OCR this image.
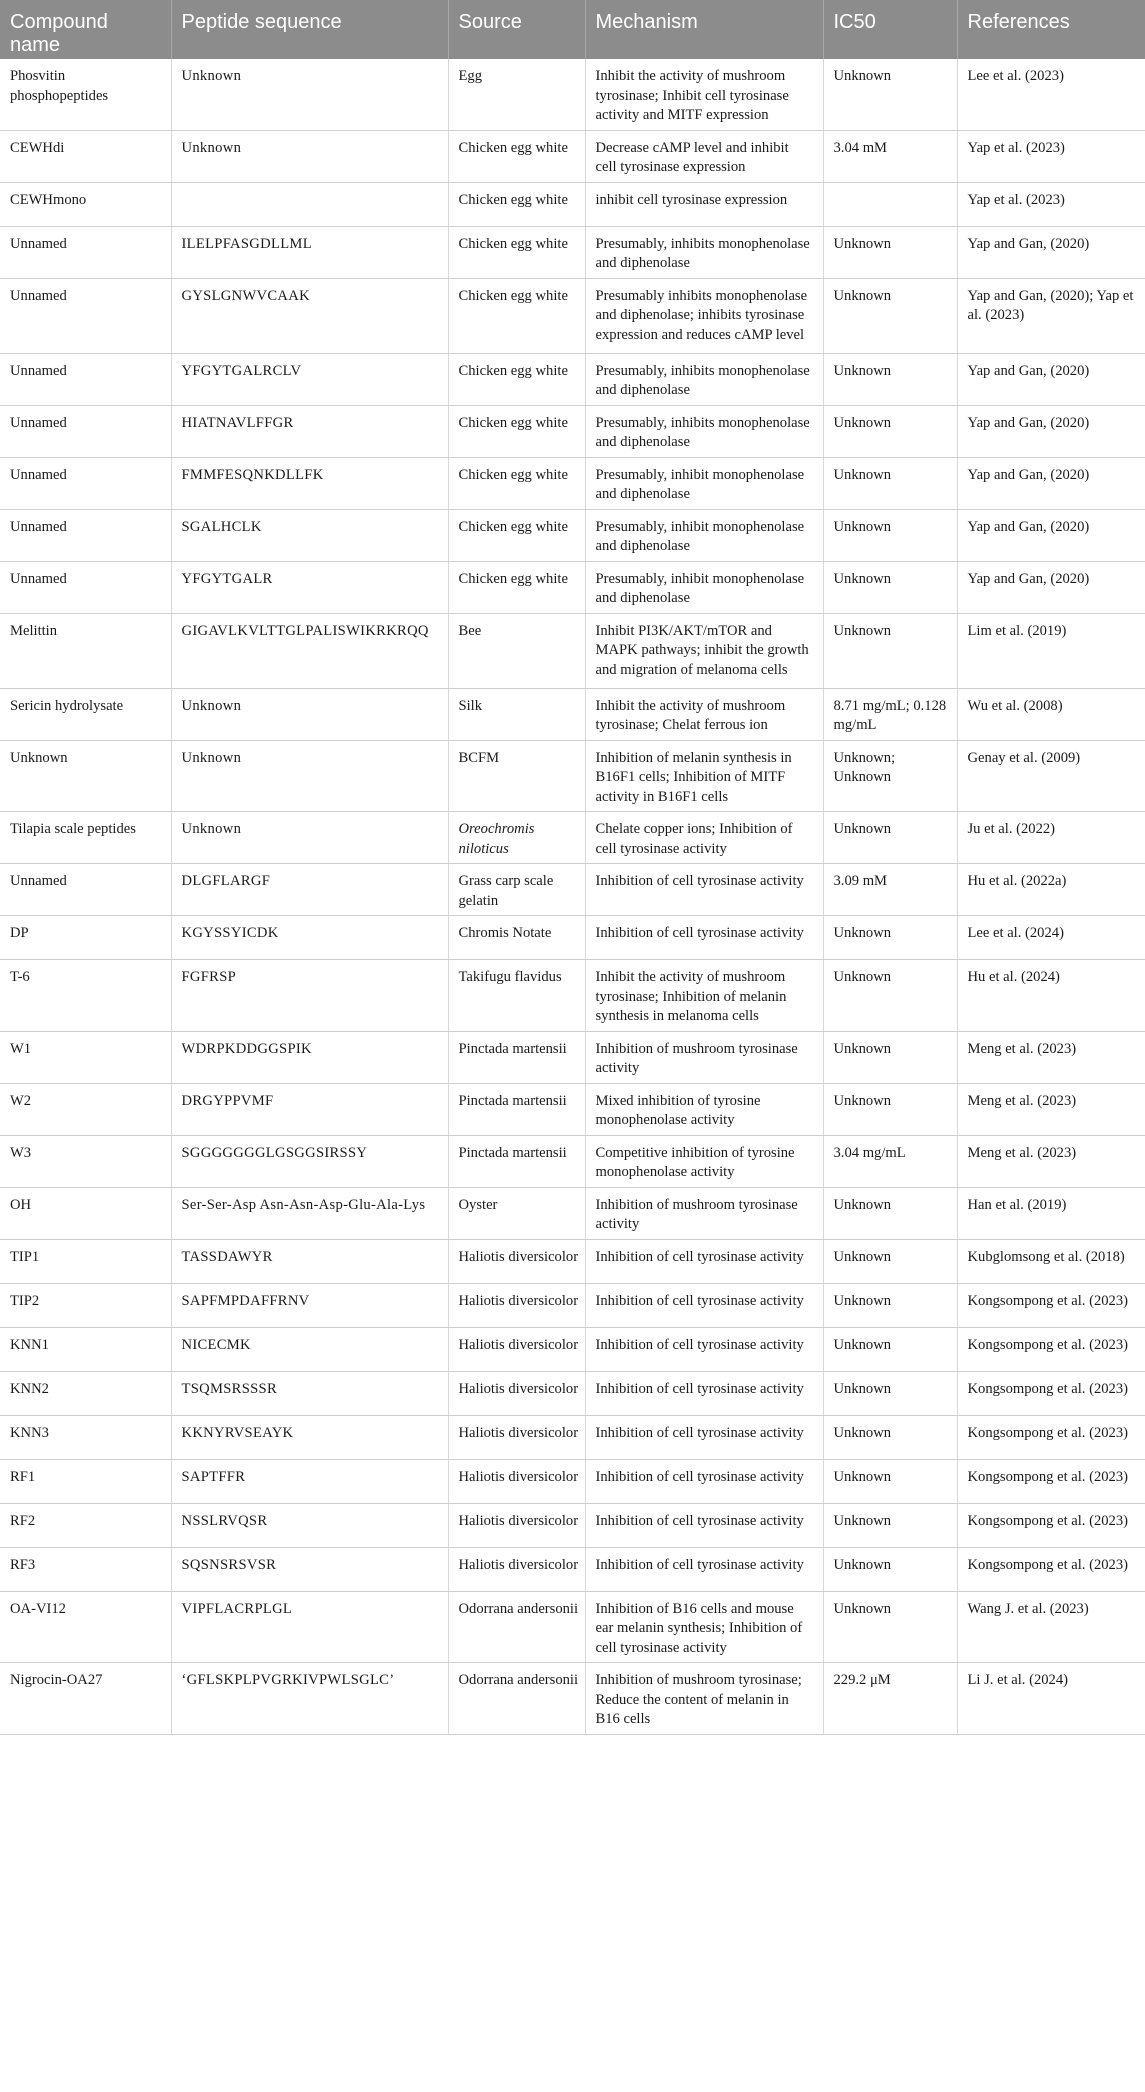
Compound name	Peptide sequence	Source	Mechanism	IC50	References
Phosvitin phosphopeptides	Unknown	Egg	Inhibit the activity of mushroom tyrosinase; Inhibit cell tyrosinase activity and MITF expression	Unknown	Lee et al. (2023)
CEWHdi	Unknown	Chicken egg white	Decrease cAMP level and inhibit cell tyrosinase expression	3.04 mM	Yap et al. (2023)
CEWHmono		Chicken egg white	inhibit cell tyrosinase expression		Yap et al. (2023)
Unnamed	ILELPFASGDLLML	Chicken egg white	Presumably, inhibits monophenolase and diphenolase	Unknown	Yap and Gan, (2020)
Unnamed	GYSLGNWVCAAK	Chicken egg white	Presumably inhibits monophenolase and diphenolase; inhibits tyrosinase expression and reduces cAMP level	Unknown	Yap and Gan, (2020); Yap et al. (2023)
Unnamed	YFGYTGALRCLV	Chicken egg white	Presumably, inhibits monophenolase and diphenolase	Unknown	Yap and Gan, (2020)
Unnamed	HIATNAVLFFGR	Chicken egg white	Presumably, inhibits monophenolase and diphenolase	Unknown	Yap and Gan, (2020)
Unnamed	FMMFESQNKDLLFK	Chicken egg white	Presumably, inhibit monophenolase and diphenolase	Unknown	Yap and Gan, (2020)
Unnamed	SGALHCLK	Chicken egg white	Presumably, inhibit monophenolase and diphenolase	Unknown	Yap and Gan, (2020)
Unnamed	YFGYTGALR	Chicken egg white	Presumably, inhibit monophenolase and diphenolase	Unknown	Yap and Gan, (2020)
Melittin	GIGAVLKVLTTGLPALISWIKRKRQQ	Bee	Inhibit PI3K/AKT/mTOR and MAPK pathways; inhibit the growth and migration of melanoma cells	Unknown	Lim et al. (2019)
Sericin hydrolysate	Unknown	Silk	Inhibit the activity of mushroom tyrosinase; Chelat ferrous ion	8.71 mg/mL; 0.128 mg/mL	Wu et al. (2008)
Unknown	Unknown	BCFM	Inhibition of melanin synthesis in B16F1 cells; Inhibition of MITF activity in B16F1 cells	Unknown; Unknown	Genay et al. (2009)
Tilapia scale peptides	Unknown	Oreochromis niloticus	Chelate copper ions; Inhibition of cell tyrosinase activity	Unknown	Ju et al. (2022)
Unnamed	DLGFLARGF	Grass carp scale gelatin	Inhibition of cell tyrosinase activity	3.09 mM	Hu et al. (2022a)
DP	KGYSSYICDK	Chromis Notate	Inhibition of cell tyrosinase activity	Unknown	Lee et al. (2024)
T-6	FGFRSP	Takifugu flavidus	Inhibit the activity of mushroom tyrosinase; Inhibition of melanin synthesis in melanoma cells	Unknown	Hu et al. (2024)
W1	WDRPKDDGGSPIK	Pinctada martensii	Inhibition of mushroom tyrosinase activity	Unknown	Meng et al. (2023)
W2	DRGYPPVMF	Pinctada martensii	Mixed inhibition of tyrosine monophenolase activity	Unknown	Meng et al. (2023)
W3	SGGGGGGGLGSGGSIRSSY	Pinctada martensii	Competitive inhibition of tyrosine monophenolase activity	3.04 mg/mL	Meng et al. (2023)
OH	Ser-Ser-Asp Asn-Asn-Asp-Glu-Ala-Lys	Oyster	Inhibition of mushroom tyrosinase activity	Unknown	Han et al. (2019)
TIP1	TASSDAWYR	Haliotis diversicolor	Inhibition of cell tyrosinase activity	Unknown	Kubglomsong et al. (2018)
TIP2	SAPFMPDAFFRNV	Haliotis diversicolor	Inhibition of cell tyrosinase activity	Unknown	Kongsompong et al. (2023)
KNN1	NICECMK	Haliotis diversicolor	Inhibition of cell tyrosinase activity	Unknown	Kongsompong et al. (2023)
KNN2	TSQMSRSSSR	Haliotis diversicolor	Inhibition of cell tyrosinase activity	Unknown	Kongsompong et al. (2023)
KNN3	KKNYRVSEAYK	Haliotis diversicolor	Inhibition of cell tyrosinase activity	Unknown	Kongsompong et al. (2023)
RF1	SAPTFFR	Haliotis diversicolor	Inhibition of cell tyrosinase activity	Unknown	Kongsompong et al. (2023)
RF2	NSSLRVQSR	Haliotis diversicolor	Inhibition of cell tyrosinase activity	Unknown	Kongsompong et al. (2023)
RF3	SQSNSRSVSR	Haliotis diversicolor	Inhibition of cell tyrosinase activity	Unknown	Kongsompong et al. (2023)
OA-VI12	VIPFLACRPLGL	Odorrana andersonii	Inhibition of B16 cells and mouse ear melanin synthesis; Inhibition of cell tyrosinase activity	Unknown	Wang J. et al. (2023)
Nigrocin-OA27	‘GFLSKPLPVGRKIVPWLSGLC’	Odorrana andersonii	Inhibition of mushroom tyrosinase; Reduce the content of melanin in B16 cells	229.2 μM	Li J. et al. (2024)
